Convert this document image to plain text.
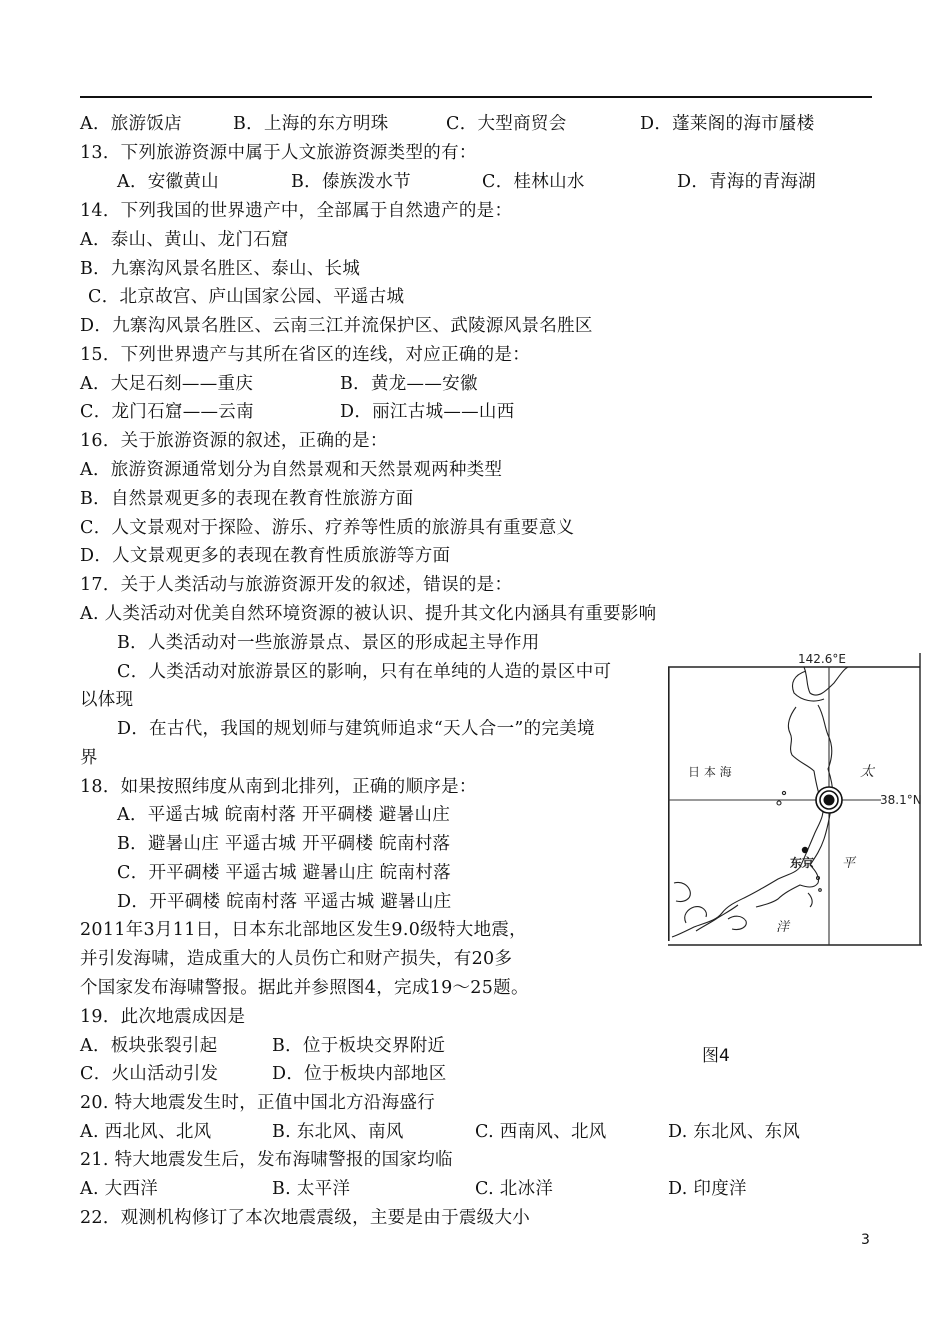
A．旅游饭店	B．上海的东方明珠	C．大型商贸会	D．蓬莱阁的海市蜃楼
13．下列旅游资源中属于人文旅游资源类型的有：
A．安徽黄山	B．傣族泼水节	C．桂林山水	D．青海的青海湖
14．下列我国的世界遗产中，全部属于自然遗产的是：
A．泰山、黄山、龙门石窟
B．九寨沟风景名胜区、泰山、长城
C．北京故宫、庐山国家公园、平遥古城
D．九寨沟风景名胜区、云南三江并流保护区、武陵源风景名胜区
15．下列世界遗产与其所在省区的连线，对应正确的是：
A．大足石刻——重庆	B．黄龙——安徽
C．龙门石窟——云南	D．丽江古城——山西
16．关于旅游资源的叙述，正确的是：
A．旅游资源通常划分为自然景观和天然景观两种类型
B．自然景观更多的表现在教育性旅游方面
C．人文景观对于探险、游乐、疗养等性质的旅游具有重要意义
D．人文景观更多的表现在教育性质旅游等方面
17．关于人类活动与旅游资源开发的叙述，错误的是：
A. 人类活动对优美自然环境资源的被认识、提升其文化内涵具有重要影响
B．人类活动对一些旅游景点、景区的形成起主导作用
C．人类活动对旅游景区的影响，只有在单纯的人造的景区中可
以体现
D．在古代，我国的规划师与建筑师追求“天人合一”的完美境
界
18．如果按照纬度从南到北排列，正确的顺序是：
A．平遥古城 皖南村落 开平碉楼 避暑山庄
B．避暑山庄 平遥古城 开平碉楼 皖南村落
C．开平碉楼 平遥古城 避暑山庄 皖南村落
D．开平碉楼 皖南村落 平遥古城 避暑山庄
2011年3月11日，日本东北部地区发生9.0级特大地震，
并引发海啸，造成重大的人员伤亡和财产损失，有20多
个国家发布海啸警报。据此并参照图4，完成19～25题。
19．此次地震成因是
A．板块张裂引起	B．位于板块交界附近
C．火山活动引发	D．位于板块内部地区
20. 特大地震发生时，正值中国北方沿海盛行
A. 西北风、北风	B. 东北风、南风	C. 西南风、北风	D. 东北风、东风
21. 特大地震发生后，发布海啸警报的国家均临
A. 大西洋	B. 太平洋	C. 北冰洋	D. 印度洋
22．观测机构修订了本次地震震级，主要是由于震级大小
142.6°E
38.1°N
日 本 海	太
平
洋
东京
图4
3
